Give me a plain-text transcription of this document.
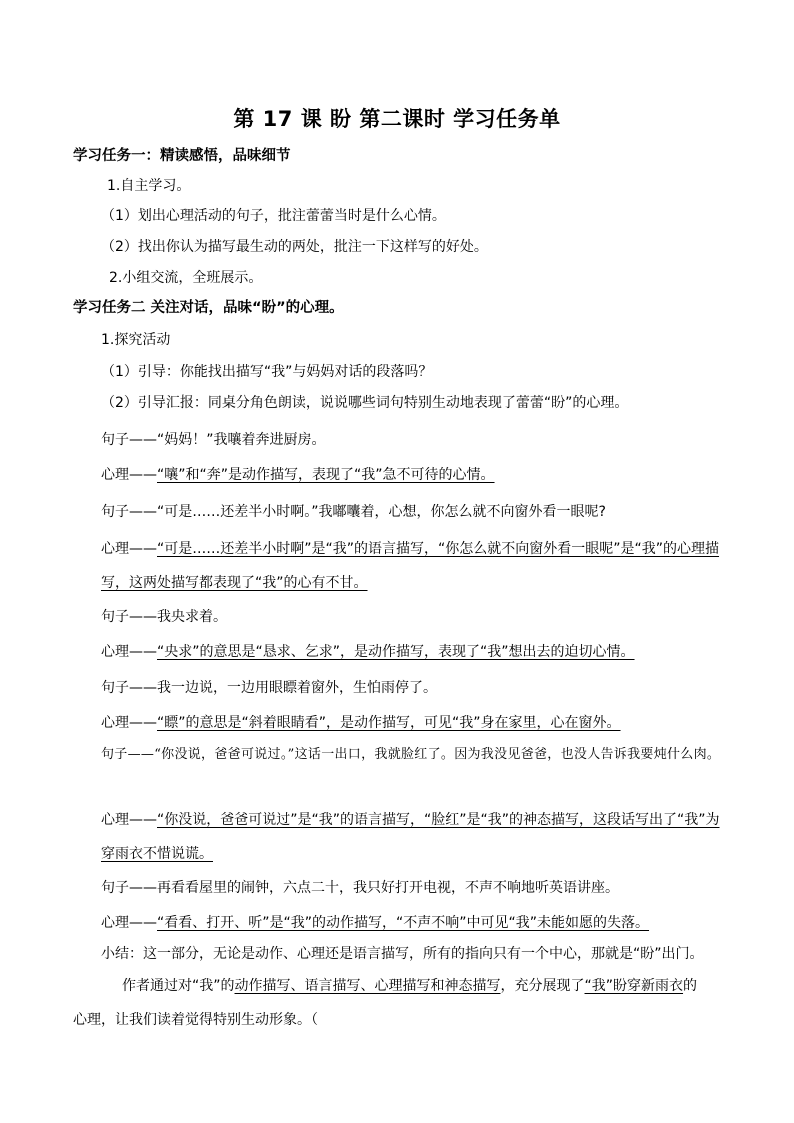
第 17 课 盼 第二课时 学习任务单
学习任务一：精读感悟，品味细节
1.自主学习。
（1）划出心理活动的句子，批注蕾蕾当时是什么心情。
（2）找出你认为描写最生动的两处，批注一下这样写的好处。
2.小组交流，全班展示。
学习任务二 关注对话，品味“盼”的心理。
1.探究活动
（1）引导：你能找出描写“我”与妈妈对话的段落吗？
（2）引导汇报：同桌分角色朗读，说说哪些词句特别生动地表现了蕾蕾“盼”的心理。
句子——“妈妈！”我嚷着奔进厨房。
心理——“嚷”和“奔”是动作描写，表现了“我”急不可待的心情。
句子——“可是……还差半小时啊。”我嘟囔着，心想，你怎么就不向窗外看一眼呢?
心理——“可是……还差半小时啊”是“我”的语言描写，“你怎么就不向窗外看一眼呢”是“我”的心理描写，这两处描写都表现了“我”的心有不甘。
句子——我央求着。
心理——“央求”的意思是“恳求、乞求”，是动作描写，表现了“我”想出去的迫切心情。
句子——我一边说，一边用眼瞟着窗外，生怕雨停了。
心理——“瞟”的意思是“斜着眼睛看”，是动作描写，可见“我”身在家里，心在窗外。
句子——“你没说，爸爸可说过。”这话一出口，我就脸红了。因为我没见爸爸，也没人告诉我要炖什么肉。
心理——“你没说，爸爸可说过”是“我”的语言描写，“脸红”是“我”的神态描写，这段话写出了“我”为穿雨衣不惜说谎。
句子——再看看屋里的闹钟，六点二十，我只好打开电视，不声不响地听英语讲座。
心理——“看看、打开、听”是“我”的动作描写，“不声不响”中可见“我”未能如愿的失落。
小结：这一部分，无论是动作、心理还是语言描写，所有的指向只有一个中心，那就是“盼”出门。
作者通过对“我”的动作描写、语言描写、心理描写和神态描写，充分展现了“我”盼穿新雨衣的
心理，让我们读着觉得特别生动形象。（
